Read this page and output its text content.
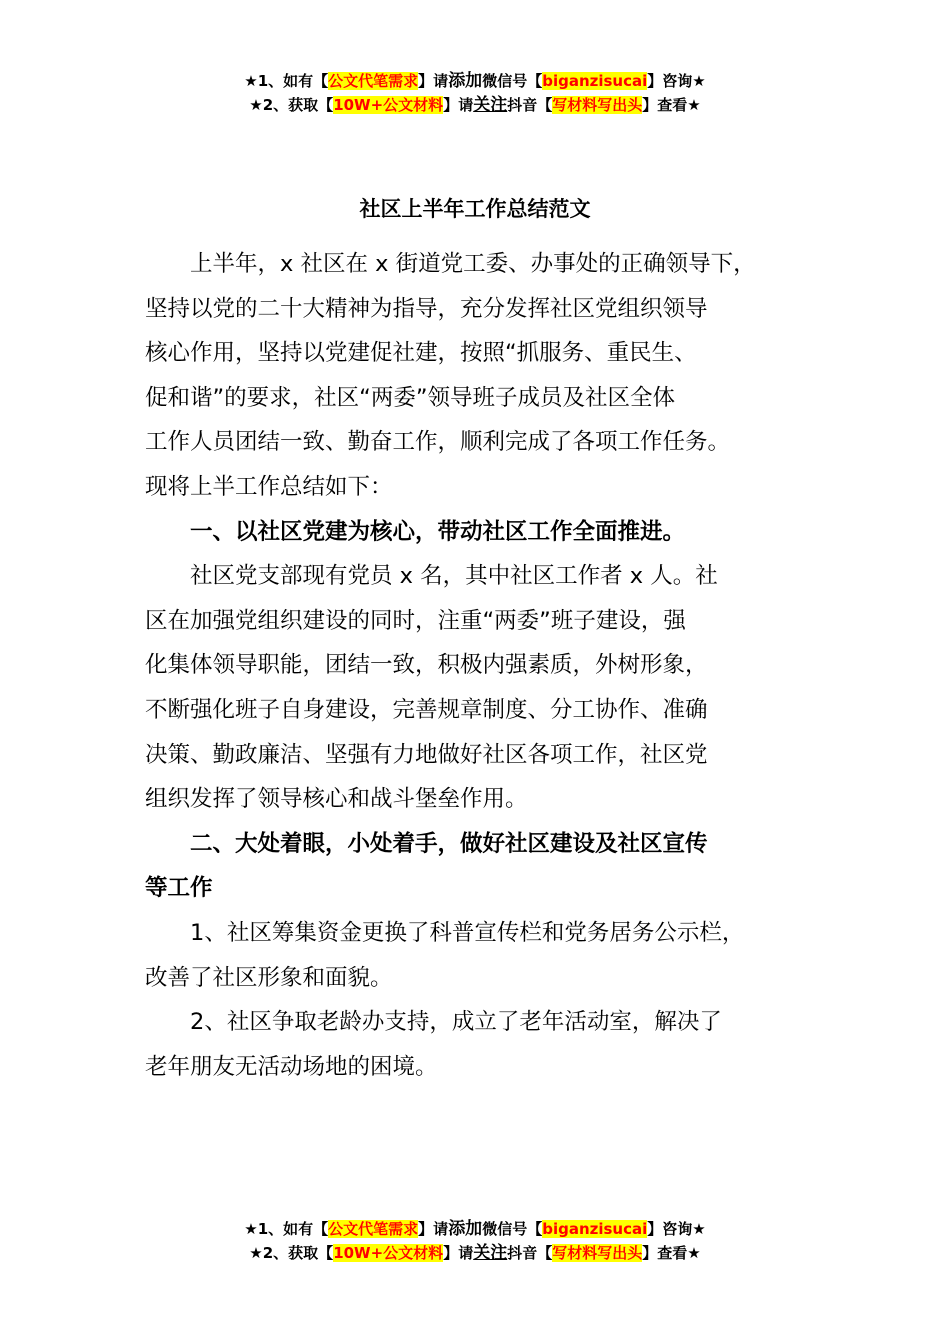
★1、如有【公文代笔需求】请添加微信号【biganzisucai】咨询★
★2、获取【10W+公文材料】请关注抖音【写材料写出头】查看★
社区上半年工作总结范文
上半年，x 社区在 x 街道党工委、办事处的正确领导下，
坚持以党的二十大精神为指导，充分发挥社区党组织领导
核心作用，坚持以党建促社建，按照“抓服务、重民生、
促和谐”的要求，社区“两委”领导班子成员及社区全体
工作人员团结一致、勤奋工作，顺利完成了各项工作任务。
现将上半工作总结如下：
一、以社区党建为核心，带动社区工作全面推进。
社区党支部现有党员 x 名，其中社区工作者 x 人。社
区在加强党组织建设的同时，注重“两委”班子建设，强
化集体领导职能，团结一致，积极内强素质，外树形象，
不断强化班子自身建设，完善规章制度、分工协作、准确
决策、勤政廉洁、坚强有力地做好社区各项工作，社区党
组织发挥了领导核心和战斗堡垒作用。
二、大处着眼，小处着手，做好社区建设及社区宣传
等工作
1、社区筹集资金更换了科普宣传栏和党务居务公示栏，
改善了社区形象和面貌。
2、社区争取老龄办支持，成立了老年活动室，解决了
老年朋友无活动场地的困境。
★1、如有【公文代笔需求】请添加微信号【biganzisucai】咨询★
★2、获取【10W+公文材料】请关注抖音【写材料写出头】查看★
